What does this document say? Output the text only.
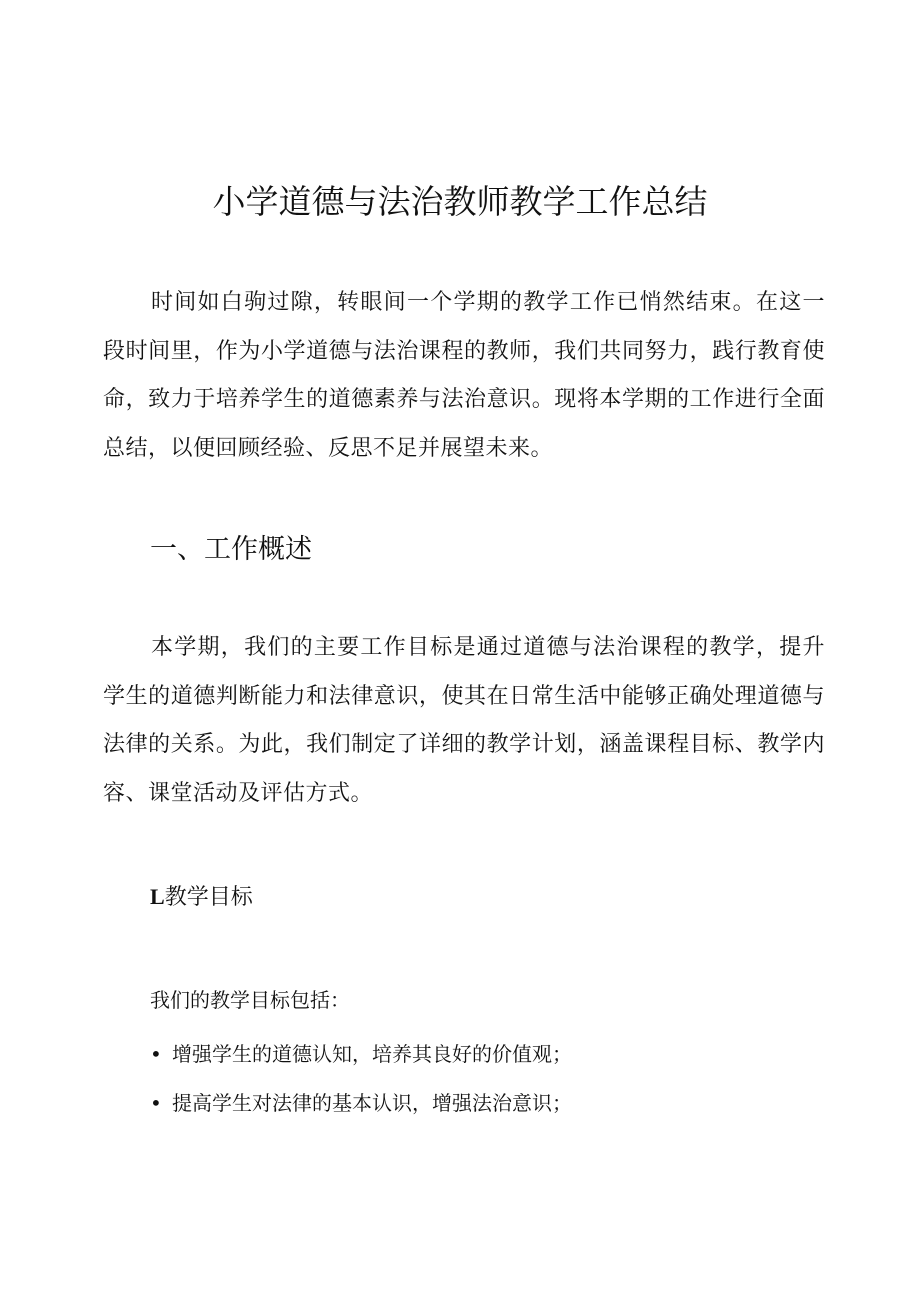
小学道德与法治教师教学工作总结

时间如白驹过隙，转眼间一个学期的教学工作已悄然结束。在这一段时间里，作为小学道德与法治课程的教师，我们共同努力，践行教育使命，致力于培养学生的道德素养与法治意识。现将本学期的工作进行全面总结，以便回顾经验、反思不足并展望未来。

一、工作概述

本学期，我们的主要工作目标是通过道德与法治课程的教学，提升学生的道德判断能力和法律意识，使其在日常生活中能够正确处理道德与法律的关系。为此，我们制定了详细的教学计划，涵盖课程目标、教学内容、课堂活动及评估方式。

L教学目标

我们的教学目标包括：

• 增强学生的道德认知，培养其良好的价值观；
• 提高学生对法律的基本认识，增强法治意识；
